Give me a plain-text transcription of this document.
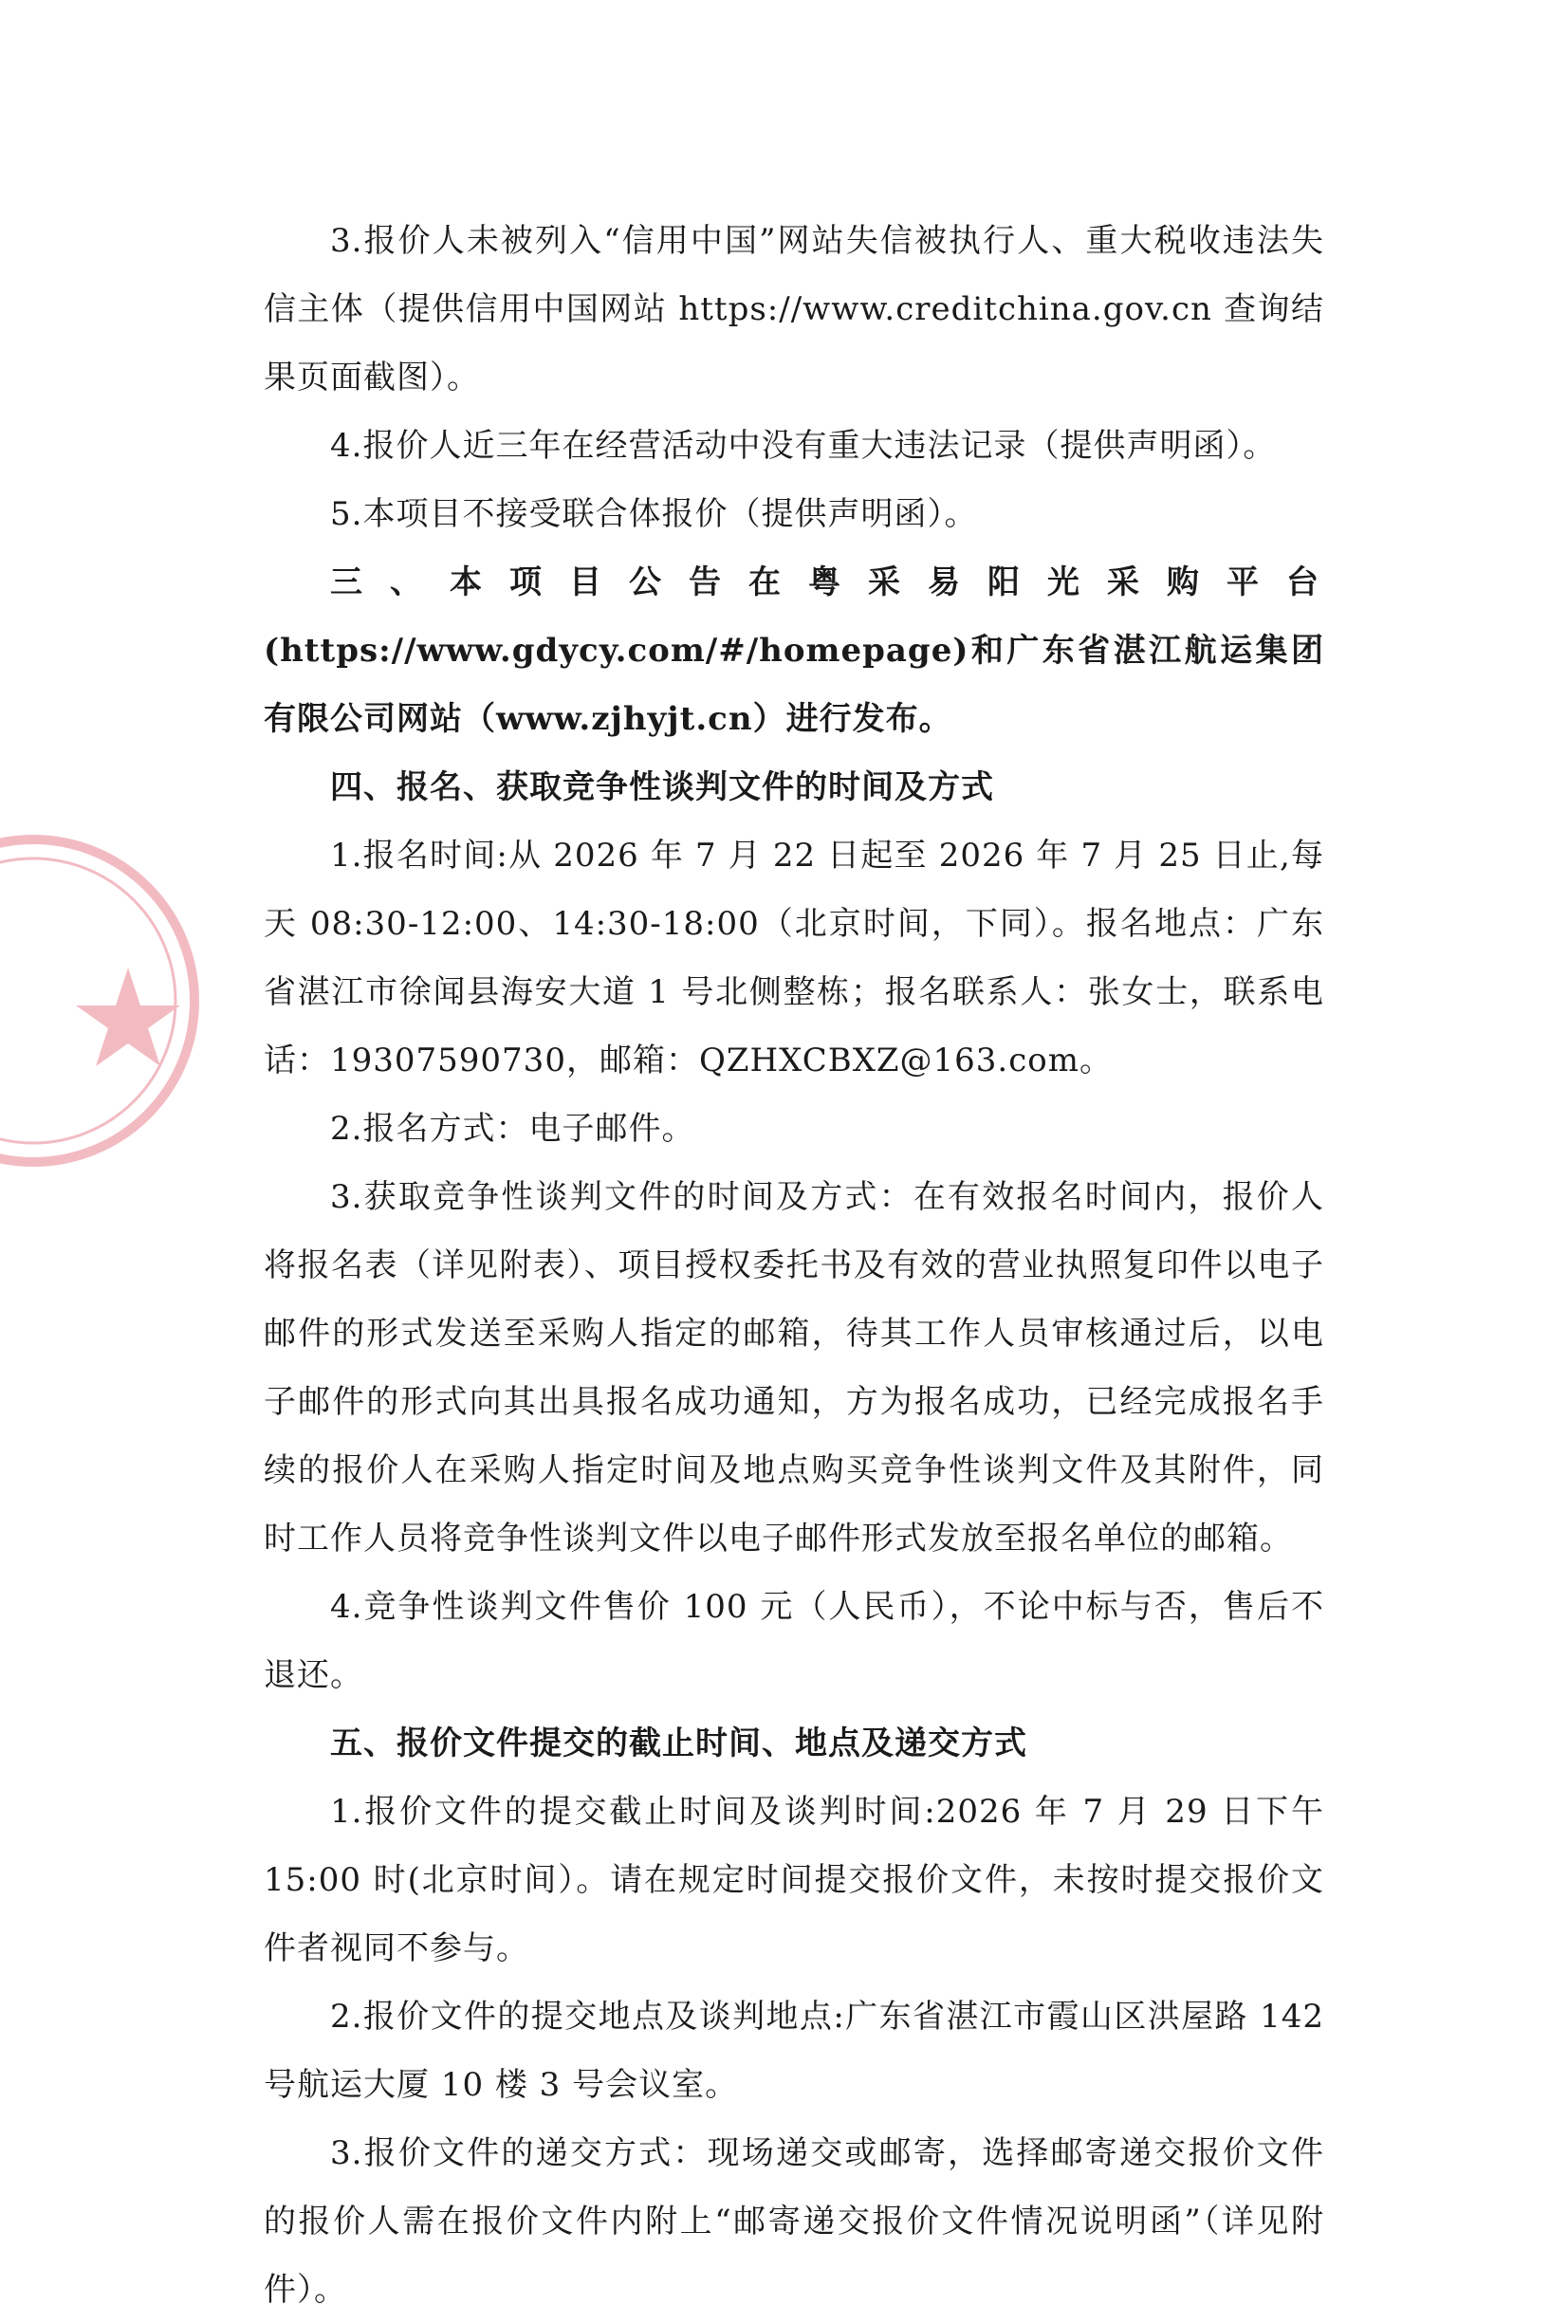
3.报价人未被列入“信用中国”网站失信被执行人、重大税收违法失信主体（提供信用中国网站 https://www.creditchina.gov.cn 查询结果页面截图）。

4.报价人近三年在经营活动中没有重大违法记录（提供声明函）。

5.本项目不接受联合体报价（提供声明函）。

三 、 本 项 目 公 告 在 粤 采 易 阳 光 采 购 平 台

(https://www.gdycy.com/#/homepage)和广东省湛江航运集团有限公司网站（www.zjhyjt.cn）进行发布。

四、报名、获取竞争性谈判文件的时间及方式

1.报名时间:从 2026 年 7 月 22 日起至 2026 年 7 月 25 日止,每天 08:30-12:00、14:30-18:00（北京时间，下同）。报名地点：广东省湛江市徐闻县海安大道 1 号北侧整栋；报名联系人：张女士，联系电话：19307590730，邮箱：QZHXCBXZ@163.com。

2.报名方式：电子邮件。

3.获取竞争性谈判文件的时间及方式：在有效报名时间内，报价人将报名表（详见附表）、项目授权委托书及有效的营业执照复印件以电子邮件的形式发送至采购人指定的邮箱，待其工作人员审核通过后，以电子邮件的形式向其出具报名成功通知，方为报名成功，已经完成报名手续的报价人在采购人指定时间及地点购买竞争性谈判文件及其附件，同时工作人员将竞争性谈判文件以电子邮件形式发放至报名单位的邮箱。

4.竞争性谈判文件售价 100 元（人民币），不论中标与否，售后不退还。

五、报价文件提交的截止时间、地点及递交方式

1.报价文件的提交截止时间及谈判时间:2026 年 7 月 29 日下午 15:00 时(北京时间）。请在规定时间提交报价文件，未按时提交报价文件者视同不参与。

2.报价文件的提交地点及谈判地点:广东省湛江市霞山区洪屋路 142 号航运大厦 10 楼 3 号会议室。

3.报价文件的递交方式：现场递交或邮寄，选择邮寄递交报价文件的报价人需在报价文件内附上“邮寄递交报价文件情况说明函”（详见附件）。
